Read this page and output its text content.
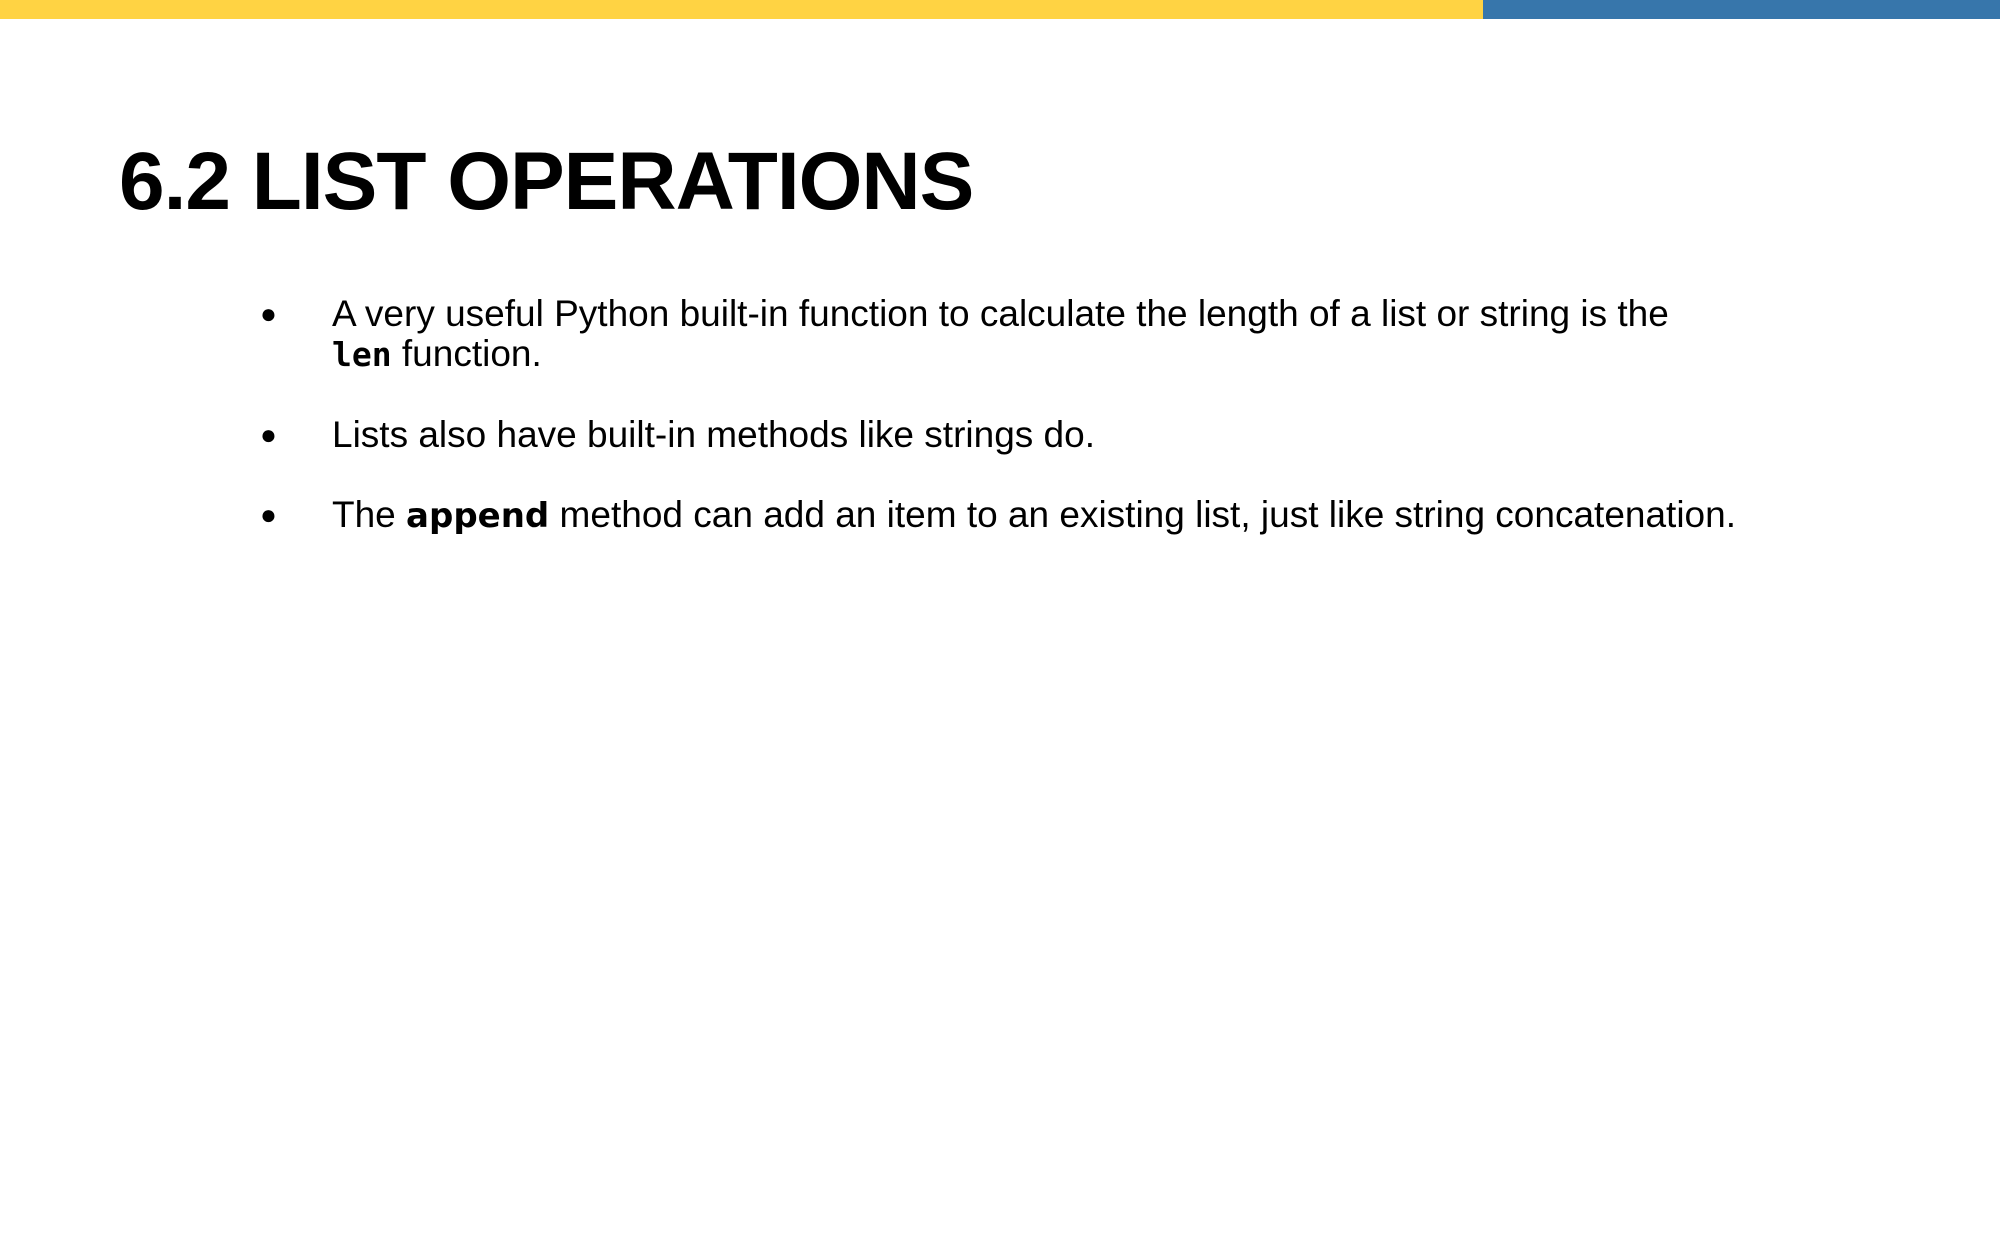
6.2 LIST OPERATIONS
● A very useful Python built-in function to calculate the length of a list or string is the
len function.
● Lists also have built-in methods like strings do.
● The append method can add an item to an existing list, just like string concatenation.
